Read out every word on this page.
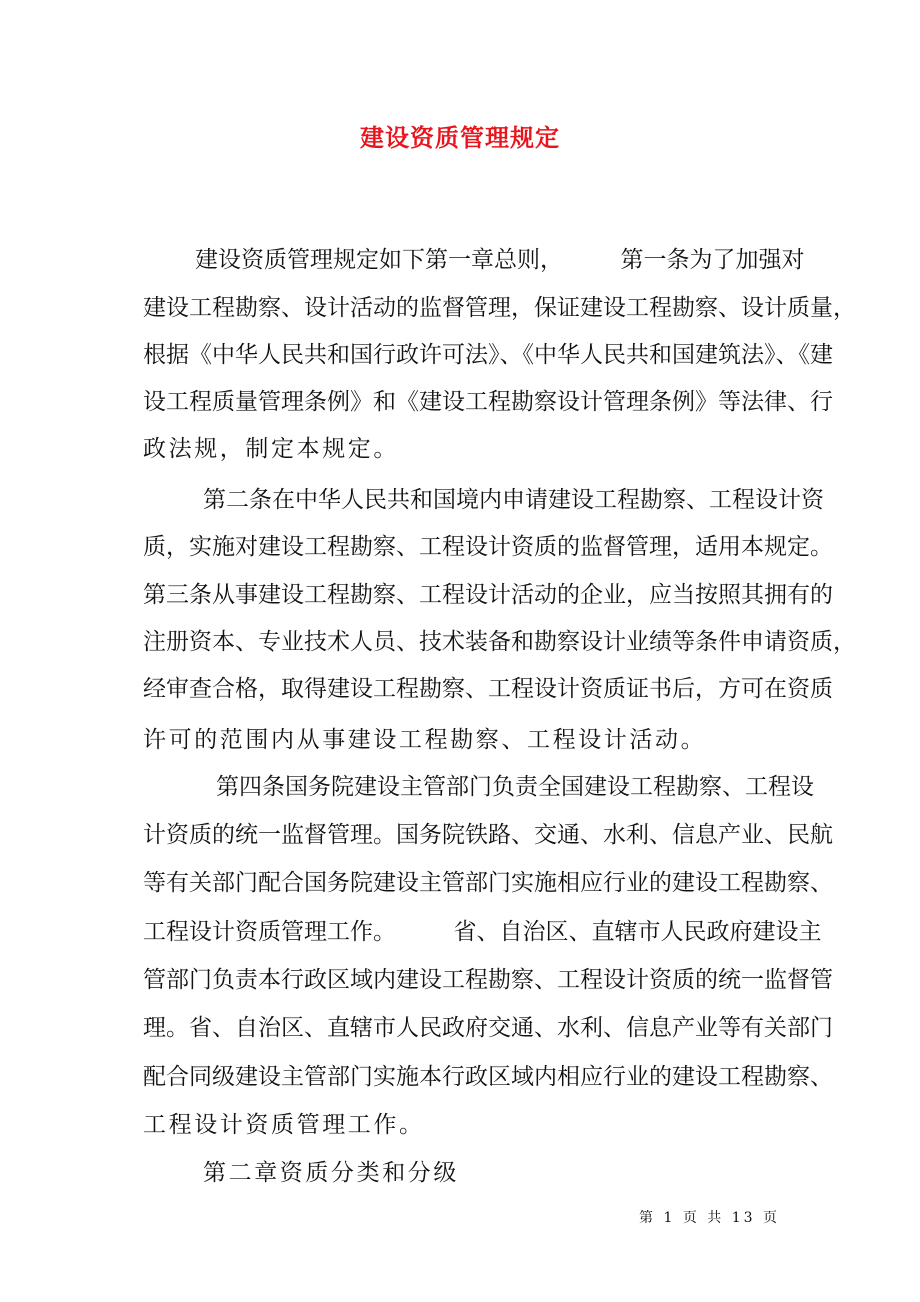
建设资质管理规定
建设资质管理规定如下第一章总则，　　　第一条为了加强对
建设工程勘察、设计活动的监督管理，保证建设工程勘察、设计质量，
根据《中华人民共和国行政许可法》、《中华人民共和国建筑法》、《建
设工程质量管理条例》和《建设工程勘察设计管理条例》等法律、行
政法规，制定本规定。
第二条在中华人民共和国境内申请建设工程勘察、工程设计资
质，实施对建设工程勘察、工程设计资质的监督管理，适用本规定。
第三条从事建设工程勘察、工程设计活动的企业，应当按照其拥有的
注册资本、专业技术人员、技术装备和勘察设计业绩等条件申请资质，
经审查合格，取得建设工程勘察、工程设计资质证书后，方可在资质
许可的范围内从事建设工程勘察、工程设计活动。
第四条国务院建设主管部门负责全国建设工程勘察、工程设
计资质的统一监督管理。国务院铁路、交通、水利、信息产业、民航
等有关部门配合国务院建设主管部门实施相应行业的建设工程勘察、
工程设计资质管理工作。　　　省、自治区、直辖市人民政府建设主
管部门负责本行政区域内建设工程勘察、工程设计资质的统一监督管
理。省、自治区、直辖市人民政府交通、水利、信息产业等有关部门
配合同级建设主管部门实施本行政区域内相应行业的建设工程勘察、
工程设计资质管理工作。
第二章资质分类和分级
第 1 页 共 13 页
